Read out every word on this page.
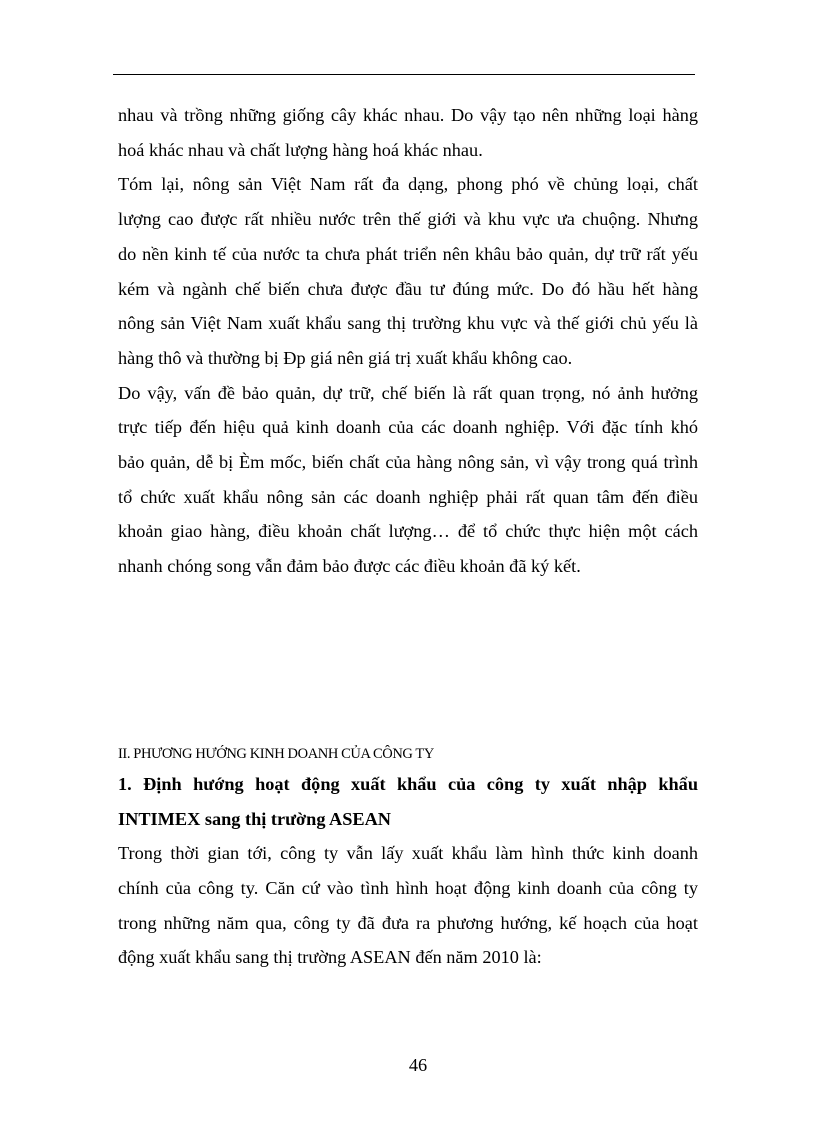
nhau và trồng những giống cây khác nhau. Do vậy tạo nên những loại hàng

hoá khác nhau và chất lượng hàng hoá khác nhau.

Tóm lại, nông sản Việt Nam rất đa dạng, phong phó về chủng loại, chất

lượng cao được rất nhiều nước trên thế giới và khu vực ưa chuộng. Nhưng

do nền kinh tế của nước ta chưa phát triển nên khâu bảo quản, dự trữ rất yếu

kém và ngành chế biến chưa được đầu tư đúng mức. Do đó hầu hết hàng

nông sản Việt Nam xuất khẩu sang thị trường khu vực và thế giới chủ yếu là

hàng thô và thường bị Ðp giá nên giá trị xuất khẩu không cao.

Do vậy, vấn đề bảo quản, dự trữ, chế biến là rất quan trọng, nó ảnh hưởng

trực tiếp đến hiệu quả kinh doanh của các doanh nghiệp. Với đặc tính khó

bảo quản, dễ bị Èm mốc, biến chất của hàng nông sản, vì vậy trong quá trình

tổ chức xuất khẩu nông sản các doanh nghiệp phải rất quan tâm đến điều

khoản giao hàng, điều khoản chất lượng… để tổ chức thực hiện một cách

nhanh chóng song vẫn đảm bảo được các điều khoản đã ký kết.

II. PHƯƠNG HƯỚNG KINH DOANH CỦA CÔNG TY

1. Định hướng hoạt động xuất khẩu của công ty xuất nhập khẩu

INTIMEX sang thị trường ASEAN

Trong thời gian tới, công ty vẫn lấy xuất khẩu làm hình thức kinh doanh

chính của công ty. Căn cứ vào tình hình hoạt động kinh doanh của công ty

trong những năm qua, công ty đã đưa ra phương hướng, kế hoạch của hoạt

động xuất khẩu sang thị trường ASEAN đến năm 2010 là:

46
